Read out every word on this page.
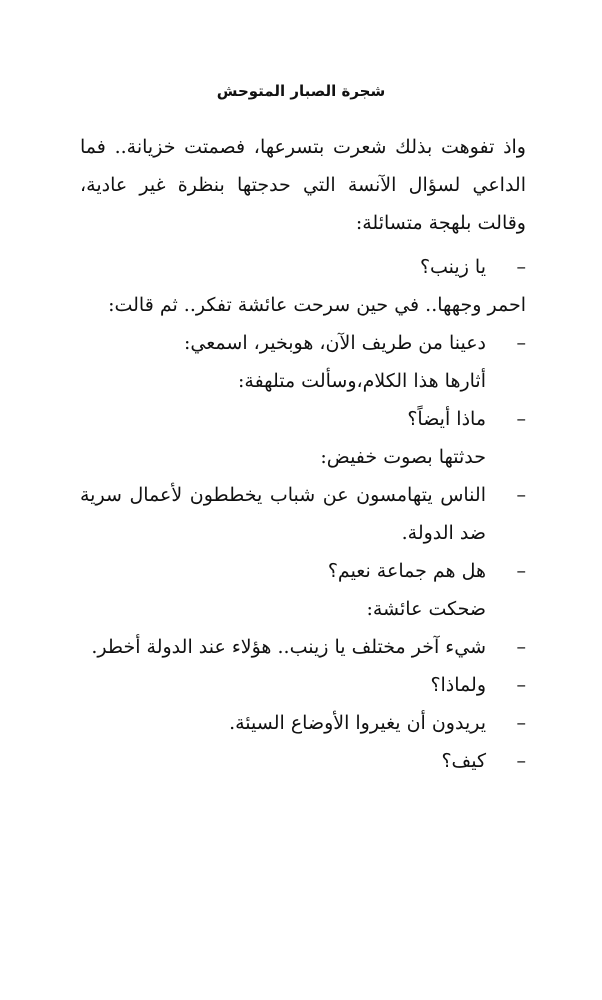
شجرة الصبار المتوحش

واذ تفوهت بذلك شعرت بتسرعها، فصمتت خزيانة.. فما الداعي لسؤال الآنسة التي حدجتها بنظرة غير عادية، وقالت بلهجة متسائلة:

–
يا زينب؟

احمر وجهها.. في حين سرحت عائشة تفكر.. ثم قالت:

–
دعينا من طريف الآن، هوبخير، اسمعي:

أثارها هذا الكلام،وسألت متلهفة:

–
ماذا أيضاً؟

حدثتها بصوت خفيض:

–
الناس يتهامسون عن شباب يخططون لأعمال سرية ضد الدولة.
–
هل هم جماعة نعيم؟

ضحكت عائشة:

–
شيء آخر مختلف يا زينب.. هؤلاء عند الدولة أخطر.
–
ولماذا؟
–
يريدون أن يغيروا الأوضاع السيئة.
–
كيف؟
